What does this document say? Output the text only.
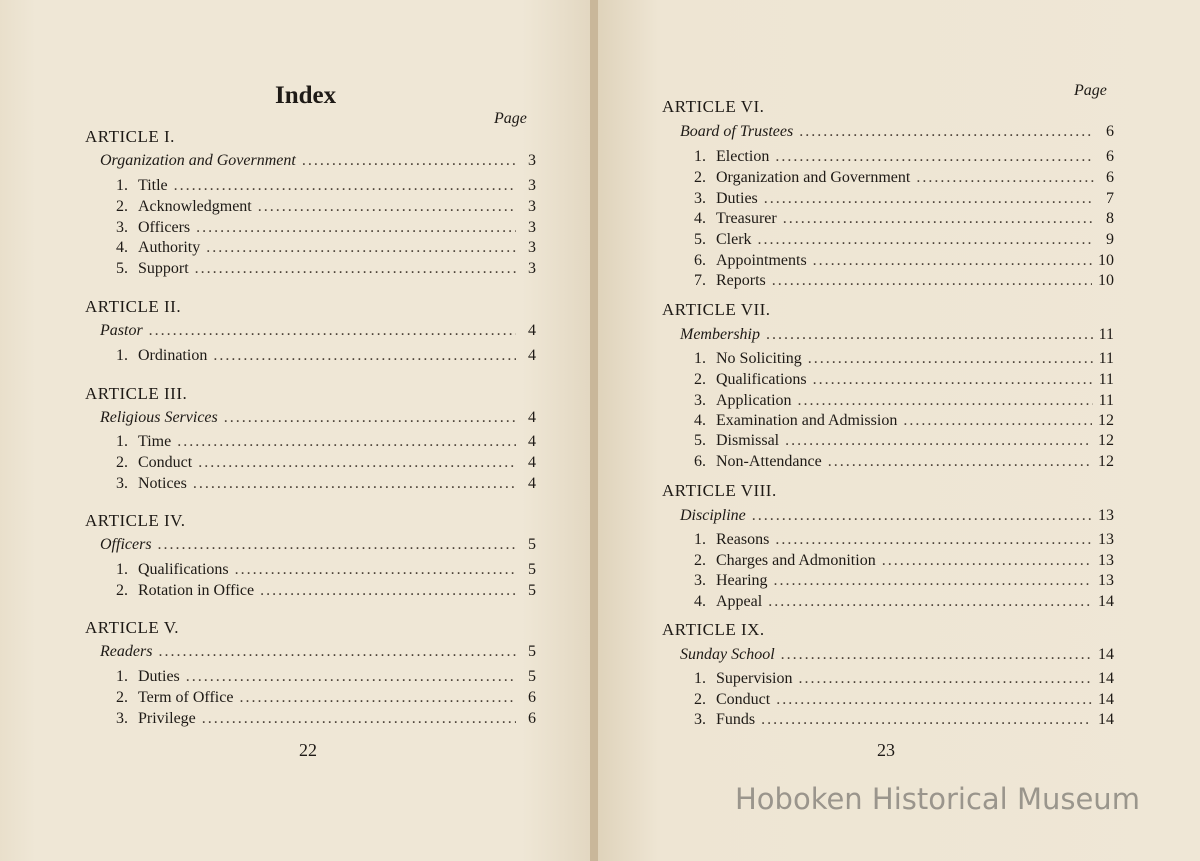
Index
Page
ARTICLE I.
Organization and Government .....	3
1. Title .....	3
2. Acknowledgment .....	3
3. Officers .....	3
4. Authority .....	3
5. Support .....	3
ARTICLE II.
Pastor .....	4
1. Ordination .....	4
ARTICLE III.
Religious Services .....	4
1. Time .....	4
2. Conduct .....	4
3. Notices .....	4
ARTICLE IV.
Officers .....	5
1. Qualifications .....	5
2. Rotation in Office .....	5
ARTICLE V.
Readers .....	5
1. Duties .....	5
2. Term of Office .....	6
3. Privilege .....	6
22
Page
ARTICLE VI.
Board of Trustees .....	6
1. Election .....	6
2. Organization and Government .....	6
3. Duties .....	7
4. Treasurer .....	8
5. Clerk .....	9
6. Appointments .....	10
7. Reports .....	10
ARTICLE VII.
Membership .....	11
1. No Soliciting .....	11
2. Qualifications .....	11
3. Application .....	11
4. Examination and Admission .....	12
5. Dismissal .....	12
6. Non-Attendance .....	12
ARTICLE VIII.
Discipline .....	13
1. Reasons .....	13
2. Charges and Admonition .....	13
3. Hearing .....	13
4. Appeal .....	14
ARTICLE IX.
Sunday School .....	14
1. Supervision .....	14
2. Conduct .....	14
3. Funds .....	14
23
Hoboken Historical Museum
